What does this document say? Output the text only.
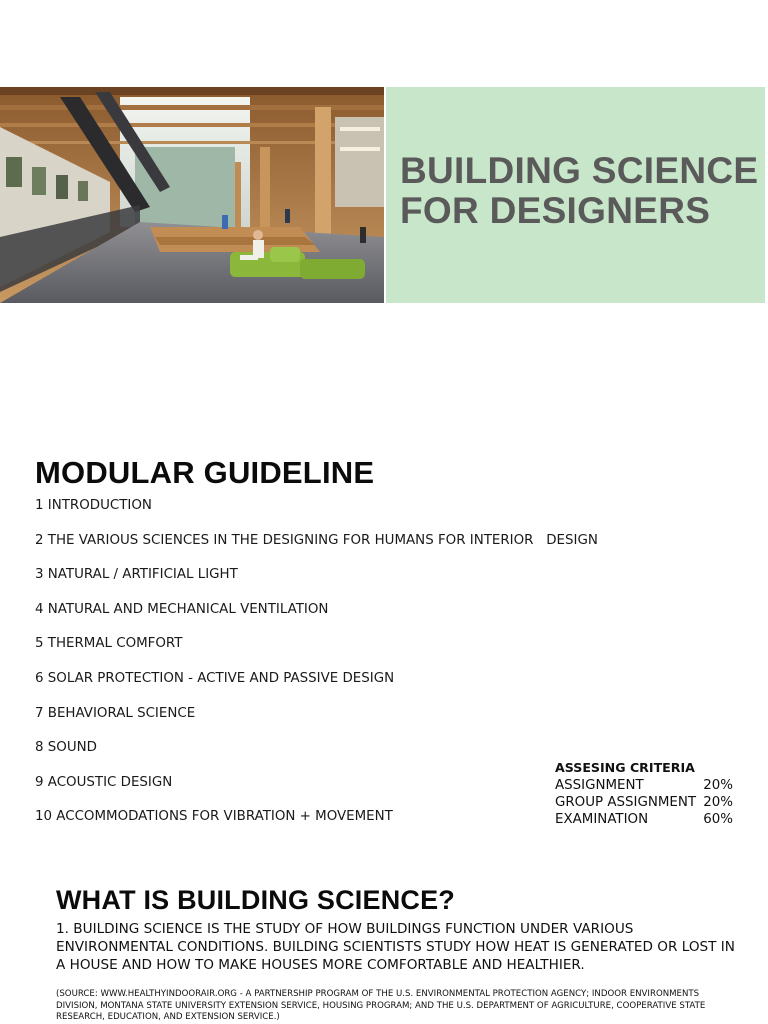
BUILDING SCIENCE
FOR DESIGNERS
MODULAR GUIDELINE
1 INTRODUCTION
2 THE VARIOUS SCIENCES IN THE DESIGNING FOR HUMANS FOR INTERIOR   DESIGN
3 NATURAL / ARTIFICIAL LIGHT
4 NATURAL AND MECHANICAL VENTILATION
5 THERMAL COMFORT
6 SOLAR PROTECTION - ACTIVE AND PASSIVE DESIGN
7 BEHAVIORAL SCIENCE
8 SOUND
9 ACOUSTIC DESIGN
10 ACCOMMODATIONS FOR VIBRATION + MOVEMENT
ASSESING CRITERIA
ASSIGNMENT	20%
GROUP ASSIGNMENT 20%
EXAMINATION	60%
WHAT IS BUILDING SCIENCE?
1. BUILDING SCIENCE IS THE STUDY OF HOW BUILDINGS FUNCTION UNDER VARIOUS ENVIRONMENTAL CONDITIONS. BUILDING SCIENTISTS STUDY HOW HEAT IS GENERATED OR LOST IN A HOUSE AND HOW TO MAKE HOUSES MORE COMFORTABLE AND HEALTHIER.
(SOURCE: WWW.HEALTHYINDOORAIR.ORG - A PARTNERSHIP PROGRAM OF THE U.S. ENVIRONMENTAL PROTECTION AGENCY; INDOOR ENVIRONMENTS DIVISION, MONTANA STATE UNIVERSITY EXTENSION SERVICE, HOUSING PROGRAM; AND THE U.S. DEPARTMENT OF AGRICULTURE, COOPERATIVE STATE RESEARCH, EDUCATION, AND EXTENSION SERVICE.)
